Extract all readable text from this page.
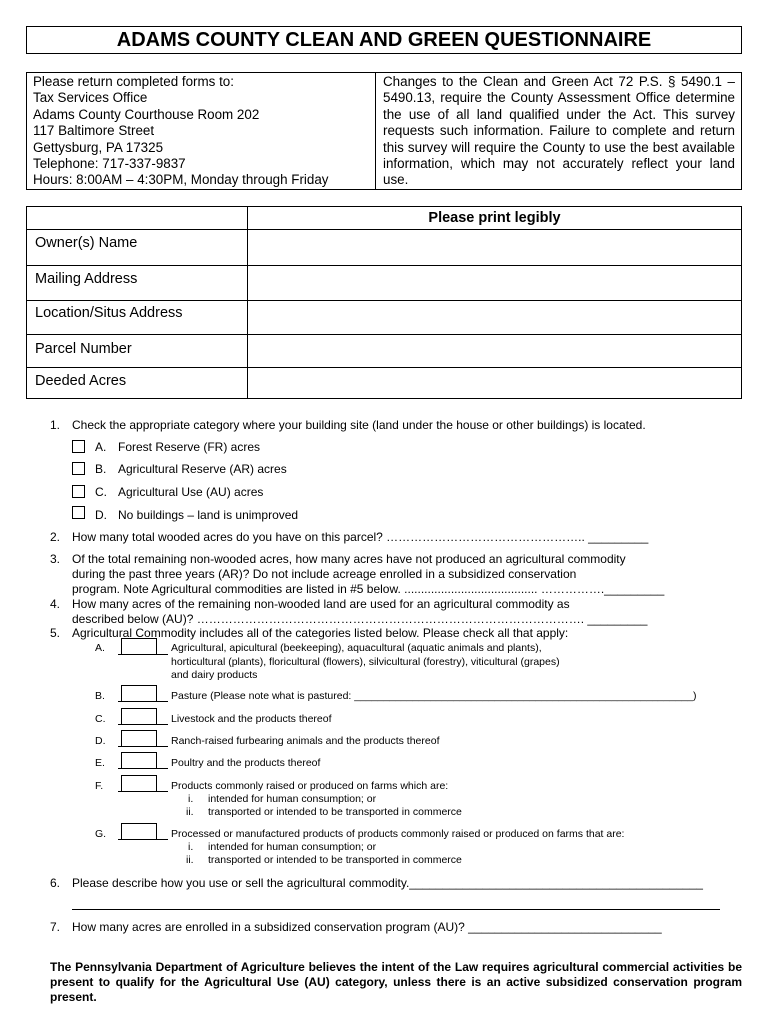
ADAMS COUNTY CLEAN AND GREEN QUESTIONNAIRE
Please return completed forms to:
Tax Services Office
Adams County Courthouse Room 202
117 Baltimore Street
Gettysburg, PA 17325
Telephone: 717-337-9837
Hours: 8:00AM – 4:30PM, Monday through Friday
Changes to the Clean and Green Act 72 P.S. § 5490.1 – 5490.13, require the County Assessment Office determine the use of all land qualified under the Act. This survey requests such information. Failure to complete and return this survey will require the County to use the best available information, which may not accurately reflect your land use.
Please print legibly
Owner(s) Name
Mailing Address
Location/Situs Address
Parcel Number
Deeded Acres
1. Check the appropriate category where your building site (land under the house or other buildings) is located.
A. Forest Reserve (FR) acres
B. Agricultural Reserve (AR) acres
C. Agricultural Use (AU) acres
D. No buildings – land is unimproved
2. How many total wooded acres do you have on this parcel? ………………………………………….. _________
3. Of the total remaining non-wooded acres, how many acres have not produced an agricultural commodity
during the past three years (AR)? Do not include acreage enrolled in a subsidized conservation
program. Note Agricultural commodities are listed in #5 below. ........................................ ……………._________
4. How many acres of the remaining non-wooded land are used for an agricultural commodity as
described below (AU)? ……………………………………………………………………………………. _________
5. Agricultural Commodity includes all of the categories listed below. Please check all that apply:
A.	Agricultural, apicultural (beekeeping), aquacultural (aquatic animals and plants),
horticultural (plants), floricultural (flowers), silvicultural (forestry), viticultural (grapes)
and dairy products
B.	Pasture (Please note what is pastured: __________________________________________________________)
C.	Livestock and the products thereof
D.	Ranch-raised furbearing animals and the products thereof
E.	Poultry and the products thereof
F.	Products commonly raised or produced on farms which are:
i. intended for human consumption; or
ii. transported or intended to be transported in commerce
G.	Processed or manufactured products of products commonly raised or produced on farms that are:
i. intended for human consumption; or
ii. transported or intended to be transported in commerce
6. Please describe how you use or sell the agricultural commodity.____________________________________________
7. How many acres are enrolled in a subsidized conservation program (AU)? _____________________________
The Pennsylvania Department of Agriculture believes the intent of the Law requires agricultural commercial activities be present to qualify for the Agricultural Use (AU) category, unless there is an active subsidized conservation program present.
